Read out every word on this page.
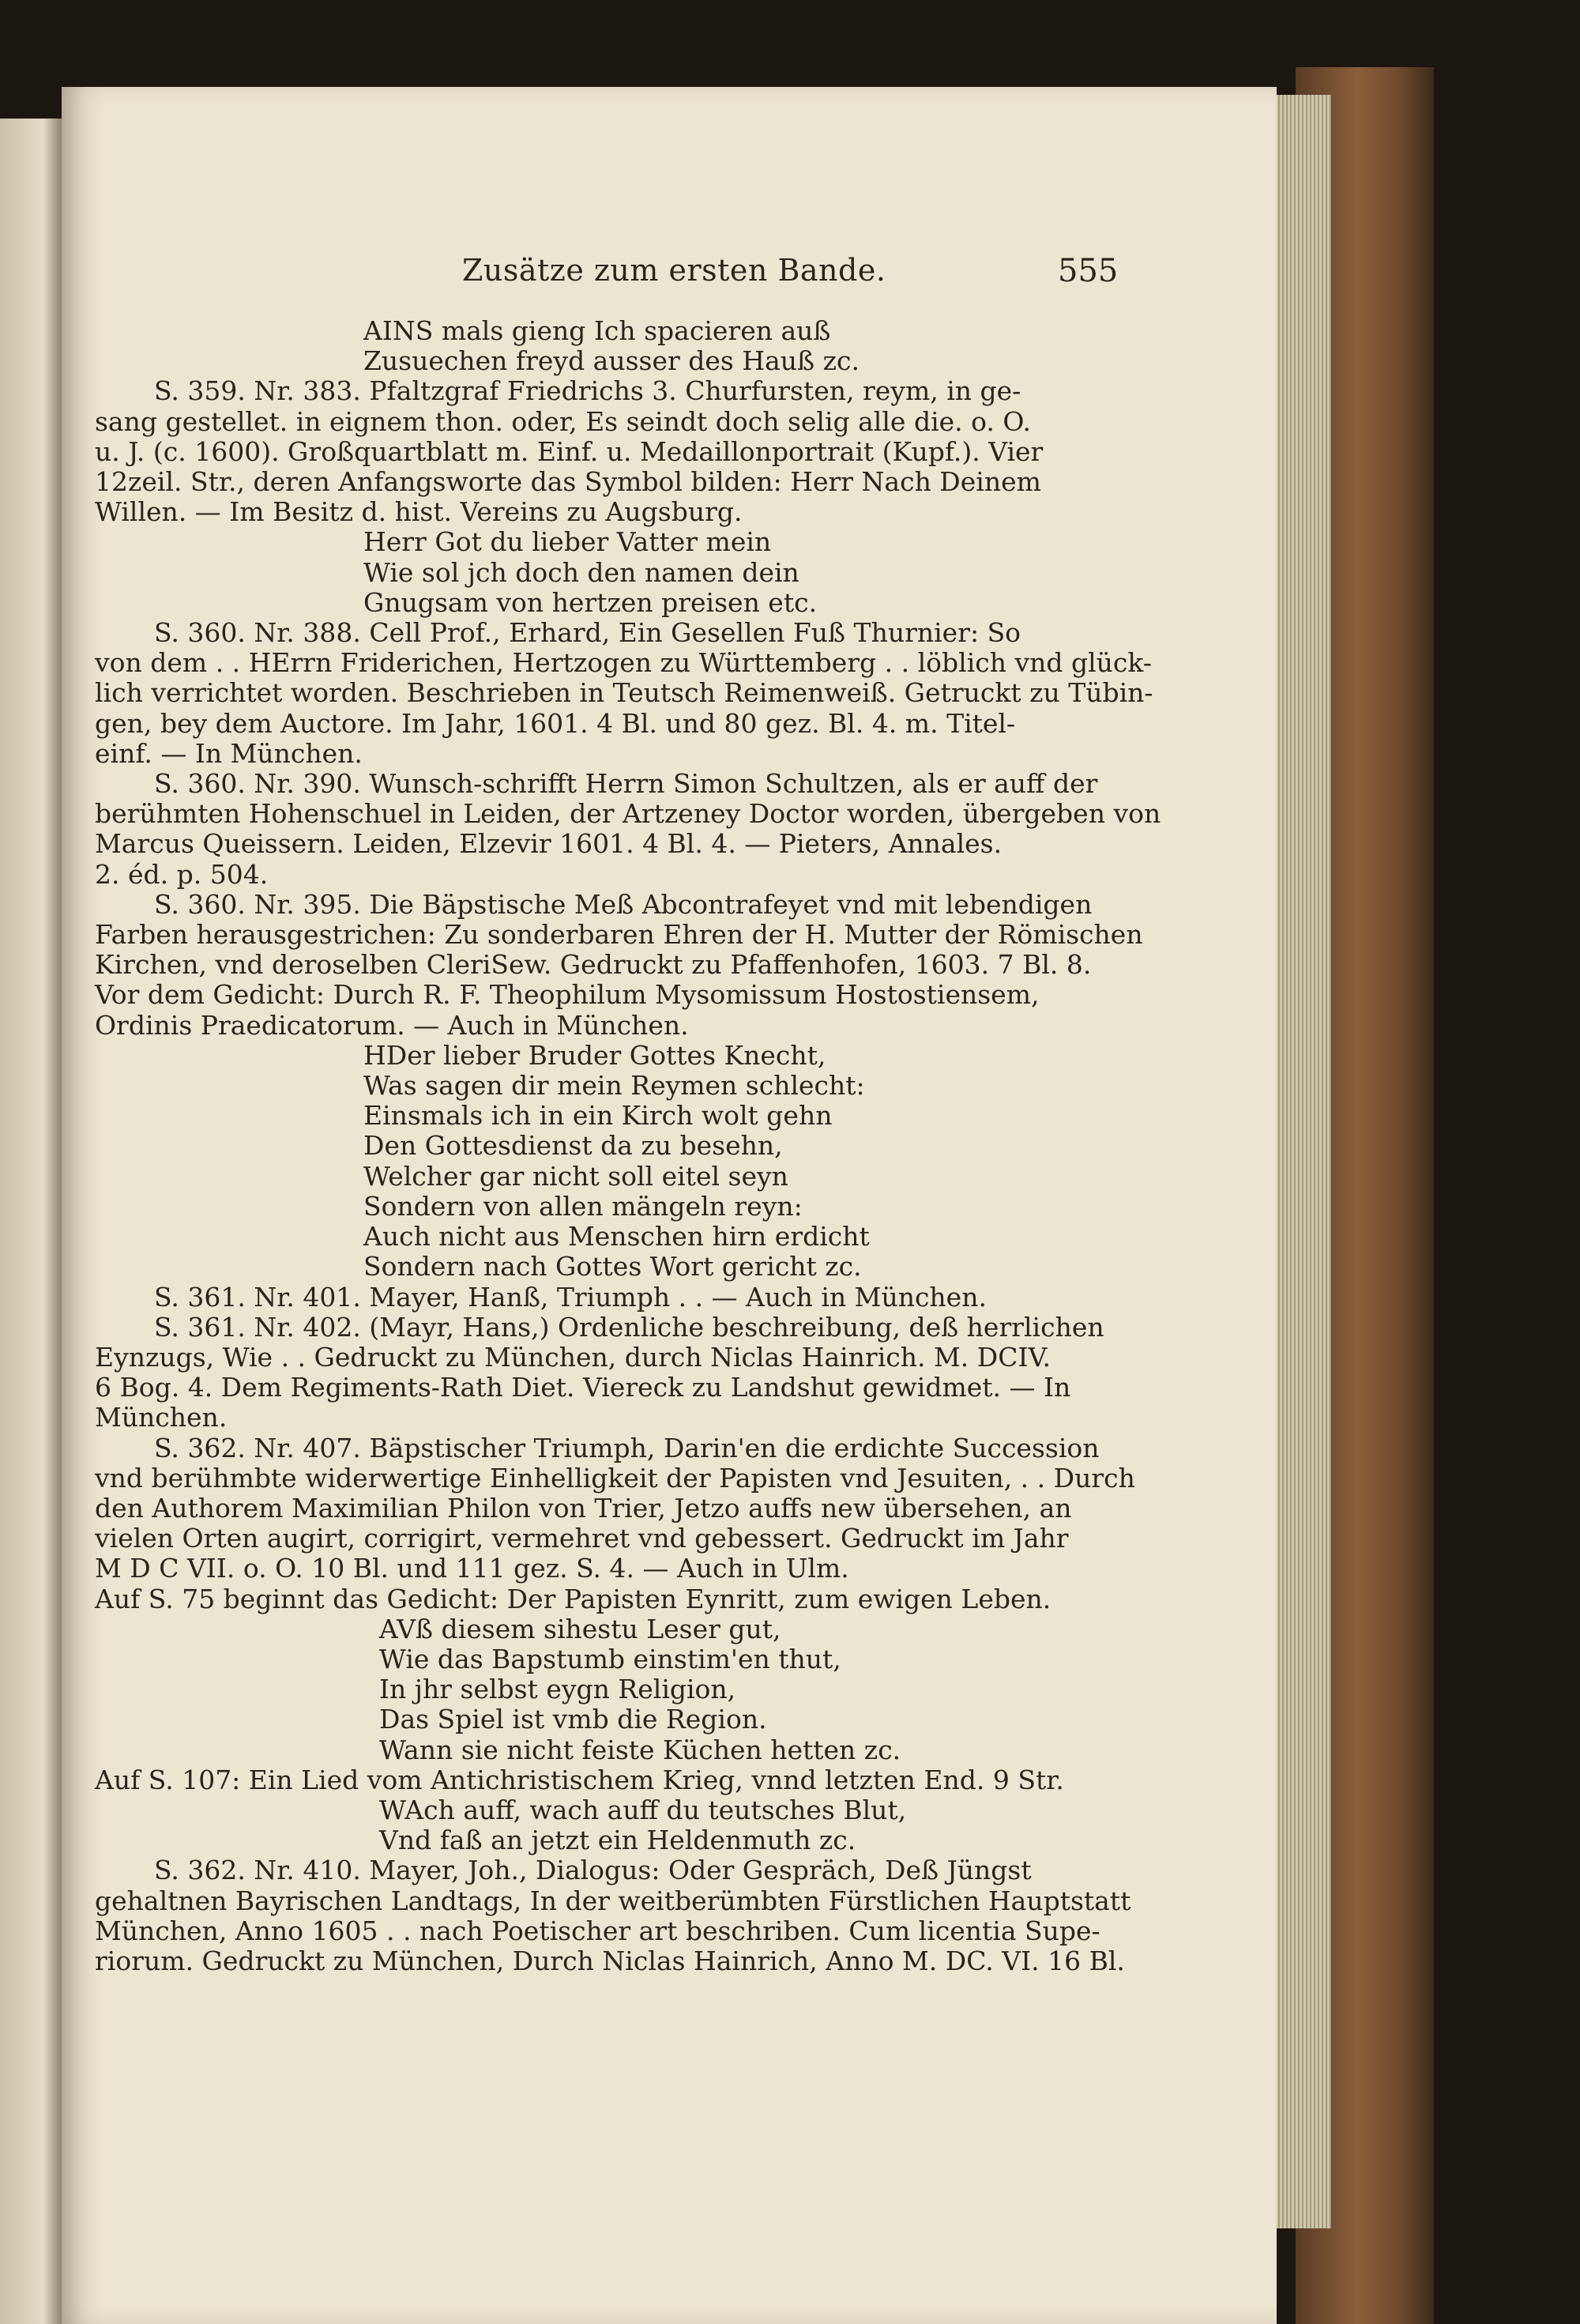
Zusätze zum ersten Bande.	555
AINS mals gieng Ich spacieren auß
Zusuechen freyd ausser des Hauß zc.
S. 359. Nr. 383. Pfaltzgraf Friedrichs 3. Churfursten, reym, in ge-
sang gestellet. in eignem thon. oder, Es seindt doch selig alle die. o. O.
u. J. (c. 1600). Großquartblatt m. Einf. u. Medaillonportrait (Kupf.). Vier
12zeil. Str., deren Anfangsworte das Symbol bilden: Herr Nach Deinem
Willen. — Im Besitz d. hist. Vereins zu Augsburg.
Herr Got du lieber Vatter mein
Wie sol jch doch den namen dein
Gnugsam von hertzen preisen etc.
S. 360. Nr. 388. Cell Prof., Erhard, Ein Gesellen Fuß Thurnier: So
von dem . . HErrn Friderichen, Hertzogen zu Württemberg . . löblich vnd glück-
lich verrichtet worden. Beschrieben in Teutsch Reimenweiß. Getruckt zu Tübin-
gen, bey dem Auctore. Im Jahr, 1601. 4 Bl. und 80 gez. Bl. 4. m. Titel-
einf. — In München.
S. 360. Nr. 390. Wunsch-schrifft Herrn Simon Schultzen, als er auff der
berühmten Hohenschuel in Leiden, der Artzeney Doctor worden, übergeben von
Marcus Queissern. Leiden, Elzevir 1601. 4 Bl. 4. — Pieters, Annales.
2. éd. p. 504.
S. 360. Nr. 395. Die Bäpstische Meß Abcontrafeyet vnd mit lebendigen
Farben herausgestrichen: Zu sonderbaren Ehren der H. Mutter der Römischen
Kirchen, vnd deroselben CleriSew. Gedruckt zu Pfaffenhofen, 1603. 7 Bl. 8.
Vor dem Gedicht: Durch R. F. Theophilum Mysomissum Hostostiensem,
Ordinis Praedicatorum. — Auch in München.
HDer lieber Bruder Gottes Knecht,
Was sagen dir mein Reymen schlecht:
Einsmals ich in ein Kirch wolt gehn
Den Gottesdienst da zu besehn,
Welcher gar nicht soll eitel seyn
Sondern von allen mängeln reyn:
Auch nicht aus Menschen hirn erdicht
Sondern nach Gottes Wort gericht zc.
S. 361. Nr. 401. Mayer, Hanß, Triumph . . — Auch in München.
S. 361. Nr. 402. (Mayr, Hans,) Ordenliche beschreibung, deß herrlichen
Eynzugs, Wie . . Gedruckt zu München, durch Niclas Hainrich. M. DCIV.
6 Bog. 4. Dem Regiments-Rath Diet. Viereck zu Landshut gewidmet. — In
München.
S. 362. Nr. 407. Bäpstischer Triumph, Darin'en die erdichte Succession
vnd berühmbte widerwertige Einhelligkeit der Papisten vnd Jesuiten, . . Durch
den Authorem Maximilian Philon von Trier, Jetzo auffs new übersehen, an
vielen Orten augirt, corrigirt, vermehret vnd gebessert. Gedruckt im Jahr
M D C VII. o. O. 10 Bl. und 111 gez. S. 4. — Auch in Ulm.
Auf S. 75 beginnt das Gedicht: Der Papisten Eynritt, zum ewigen Leben.
AVß diesem sihestu Leser gut,
Wie das Bapstumb einstim'en thut,
In jhr selbst eygn Religion,
Das Spiel ist vmb die Region.
Wann sie nicht feiste Küchen hetten zc.
Auf S. 107: Ein Lied vom Antichristischem Krieg, vnnd letzten End. 9 Str.
WAch auff, wach auff du teutsches Blut,
Vnd faß an jetzt ein Heldenmuth zc.
S. 362. Nr. 410. Mayer, Joh., Dialogus: Oder Gespräch, Deß Jüngst
gehaltnen Bayrischen Landtags, In der weitberümbten Fürstlichen Hauptstatt
München, Anno 1605 . . nach Poetischer art beschriben. Cum licentia Supe-
riorum. Gedruckt zu München, Durch Niclas Hainrich, Anno M. DC. VI. 16 Bl.
